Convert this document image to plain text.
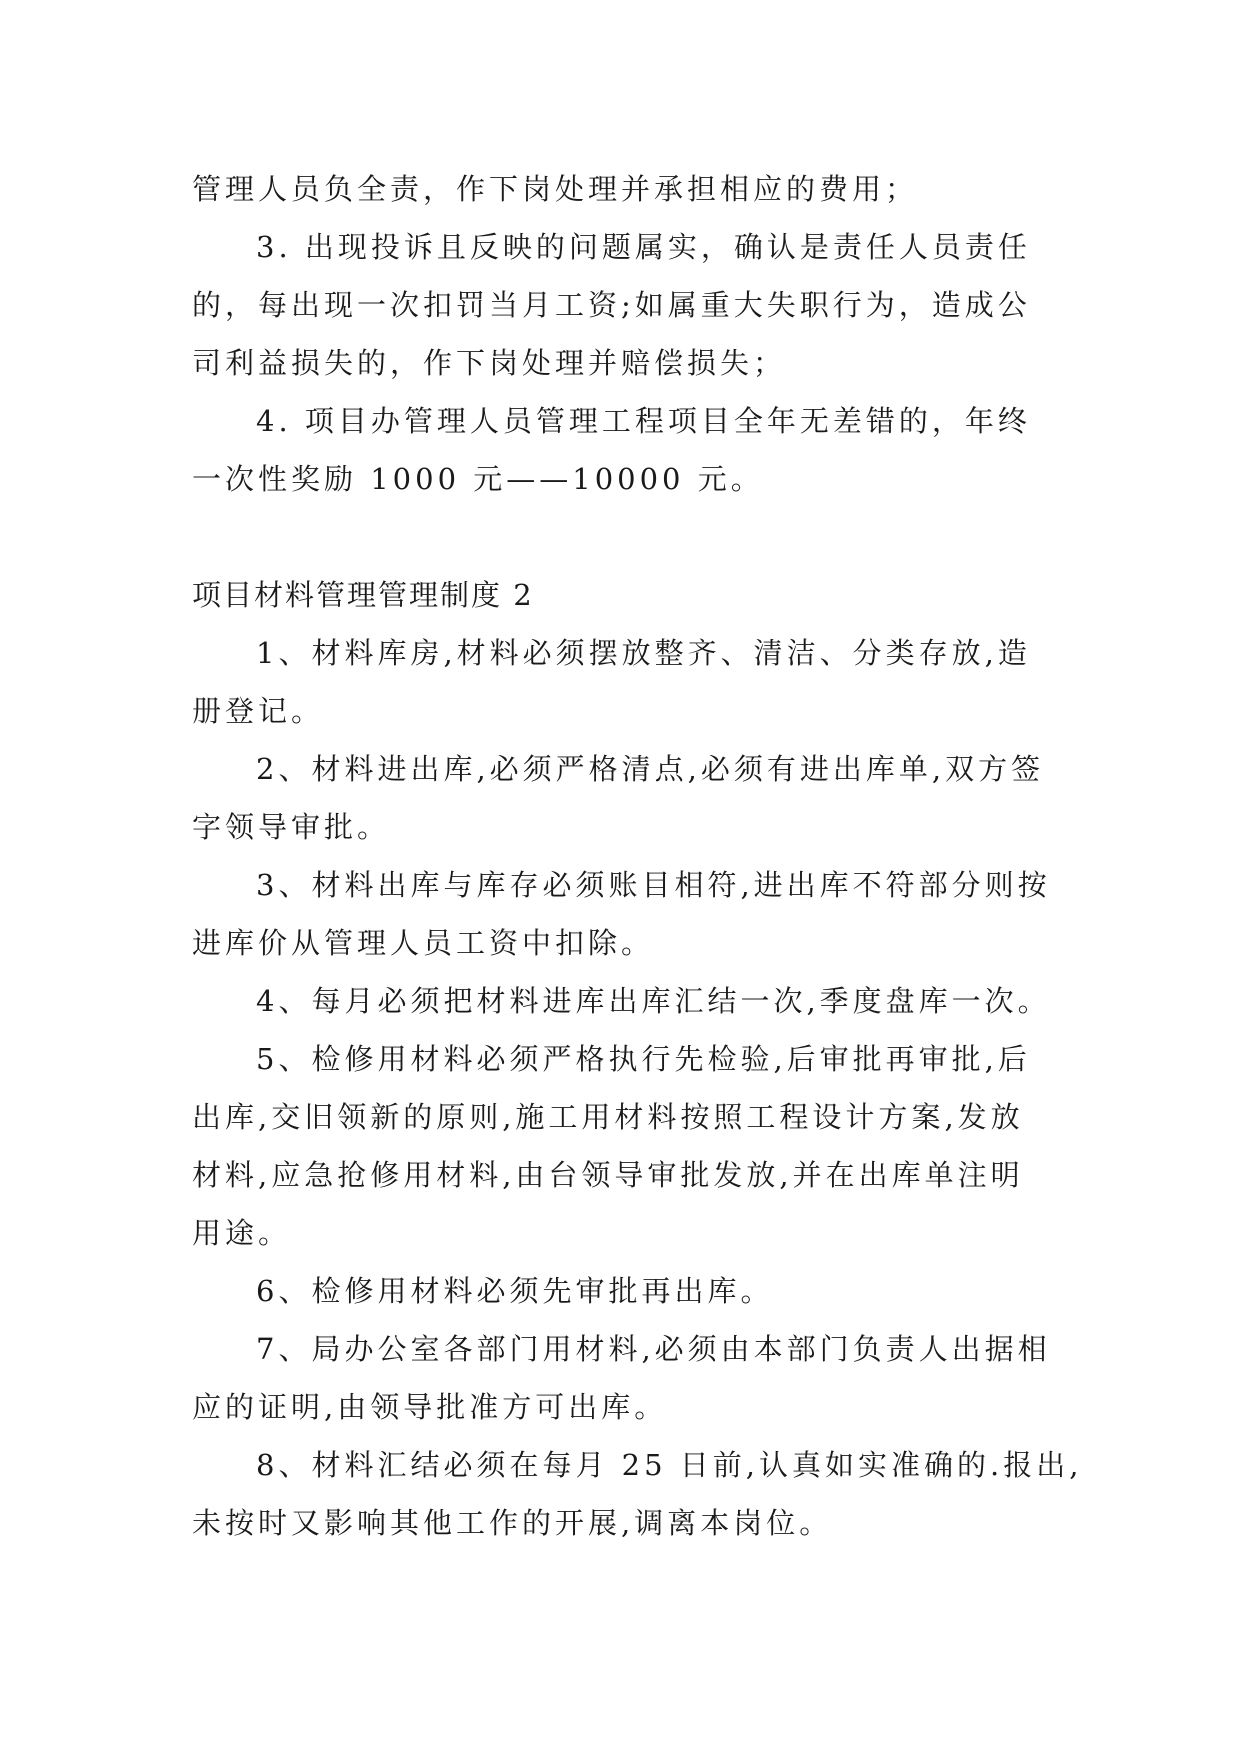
管理人员负全责，作下岗处理并承担相应的费用；

3. 出现投诉且反映的问题属实，确认是责任人员责任

的，每出现一次扣罚当月工资;如属重大失职行为，造成公

司利益损失的，作下岗处理并赔偿损失；

4. 项目办管理人员管理工程项目全年无差错的，年终

一次性奖励 1000 元——10000 元。

项目材料管理管理制度 2

1、材料库房,材料必须摆放整齐、清洁、分类存放,造

册登记。

2、材料进出库,必须严格清点,必须有进出库单,双方签

字领导审批。

3、材料出库与库存必须账目相符,进出库不符部分则按

进库价从管理人员工资中扣除。

4、每月必须把材料进库出库汇结一次,季度盘库一次。

5、检修用材料必须严格执行先检验,后审批再审批,后

出库,交旧领新的原则,施工用材料按照工程设计方案,发放

材料,应急抢修用材料,由台领导审批发放,并在出库单注明

用途。

6、检修用材料必须先审批再出库。

7、局办公室各部门用材料,必须由本部门负责人出据相

应的证明,由领导批准方可出库。

8、材料汇结必须在每月 25 日前,认真如实准确的.报出,

未按时又影响其他工作的开展,调离本岗位。
